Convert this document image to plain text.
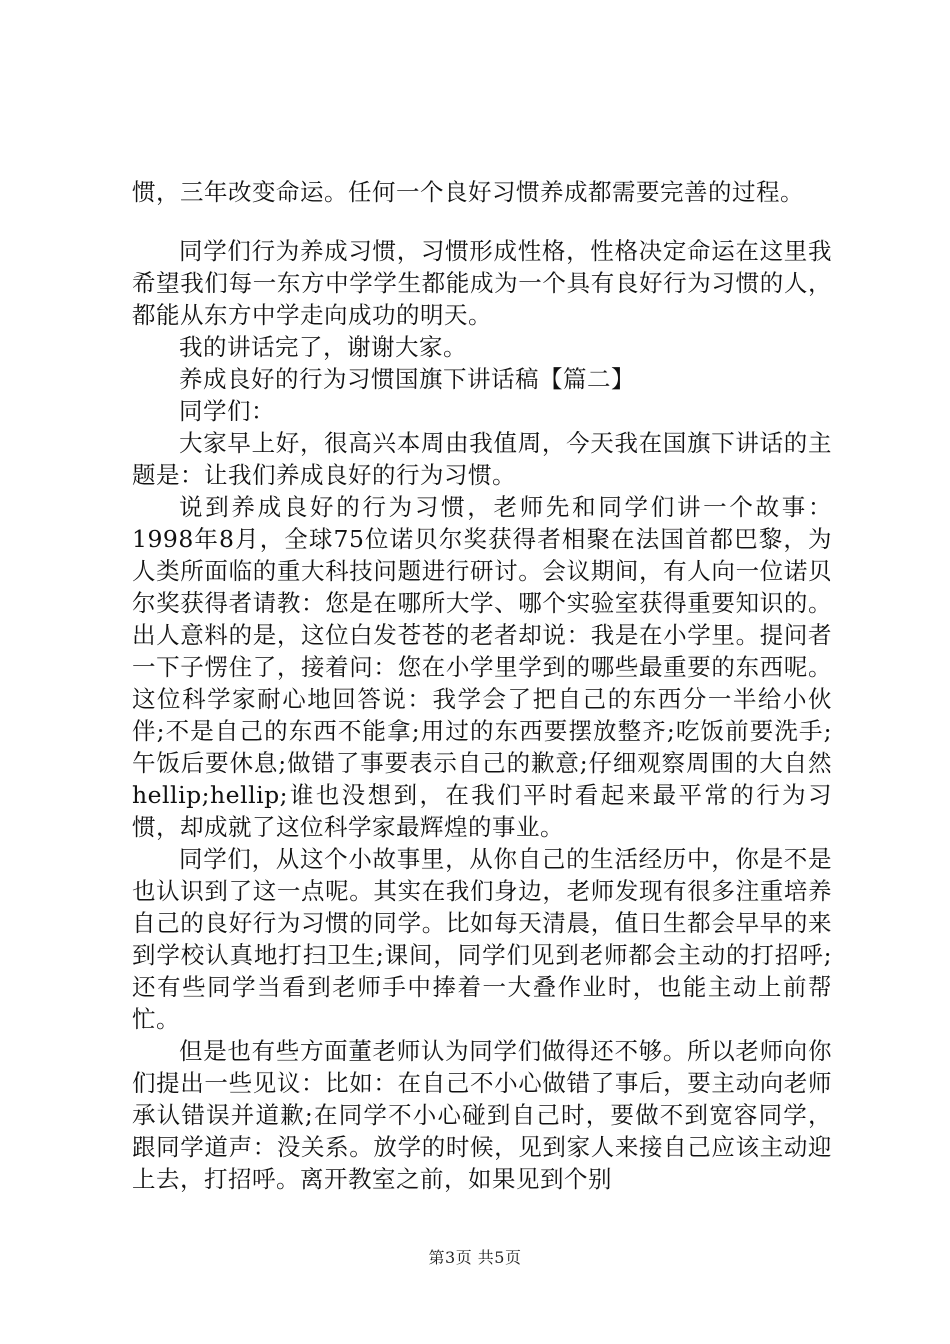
惯，三年改变命运。任何一个良好习惯养成都需要完善的过程。

同学们行为养成习惯，习惯形成性格，性格决定命运在这里我希望我们每一东方中学学生都能成为一个具有良好行为习惯的人，都能从东方中学走向成功的明天。

我的讲话完了，谢谢大家。

养成良好的行为习惯国旗下讲话稿【篇二】

同学们：

大家早上好，很高兴本周由我值周，今天我在国旗下讲话的主题是：让我们养成良好的行为习惯。

说到养成良好的行为习惯，老师先和同学们讲一个故事：1998年8月，全球75位诺贝尔奖获得者相聚在法国首都巴黎，为人类所面临的重大科技问题进行研讨。会议期间，有人向一位诺贝尔奖获得者请教：您是在哪所大学、哪个实验室获得重要知识的。出人意料的是，这位白发苍苍的老者却说：我是在小学里。提问者一下子愣住了，接着问：您在小学里学到的哪些最重要的东西呢。这位科学家耐心地回答说：我学会了把自己的东西分一半给小伙伴;不是自己的东西不能拿;用过的东西要摆放整齐;吃饭前要洗手;午饭后要休息;做错了事要表示自己的歉意;仔细观察周围的大自然hellip;hellip;谁也没想到，在我们平时看起来最平常的行为习惯，却成就了这位科学家最辉煌的事业。

同学们，从这个小故事里，从你自己的生活经历中，你是不是也认识到了这一点呢。其实在我们身边，老师发现有很多注重培养自己的良好行为习惯的同学。比如每天清晨，值日生都会早早的来到学校认真地打扫卫生;课间，同学们见到老师都会主动的打招呼;还有些同学当看到老师手中捧着一大叠作业时，也能主动上前帮忙。

但是也有些方面董老师认为同学们做得还不够。所以老师向你们提出一些见议：比如：在自己不小心做错了事后，要主动向老师承认错误并道歉;在同学不小心碰到自己时，要做不到宽容同学，跟同学道声：没关系。放学的时候，见到家人来接自己应该主动迎上去，打招呼。离开教室之前，如果见到个别

第3页 共5页
